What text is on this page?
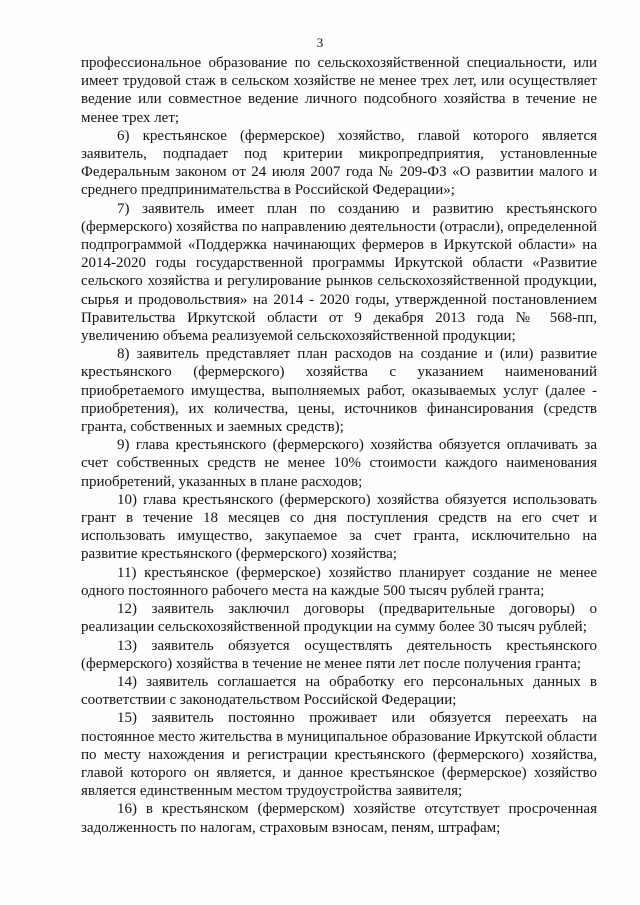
3

профессиональное образование по сельскохозяйственной специальности, или имеет трудовой стаж в сельском хозяйстве не менее трех лет, или осуществляет ведение или совместное ведение личного подсобного хозяйства в течение не менее трех лет;

6) крестьянское (фермерское) хозяйство, главой которого является заявитель, подпадает под критерии микропредприятия, установленные Федеральным законом от 24 июля 2007 года № 209-ФЗ «О развитии малого и среднего предпринимательства в Российской Федерации»;

7) заявитель имеет план по созданию и развитию крестьянского (фермерского) хозяйства по направлению деятельности (отрасли), определенной подпрограммой «Поддержка начинающих фермеров в Иркутской области» на 2014-2020 годы государственной программы Иркутской области «Развитие сельского хозяйства и регулирование рынков сельскохозяйственной продукции, сырья и продовольствия» на 2014 - 2020 годы, утвержденной постановлением Правительства Иркутской области от 9 декабря 2013 года № 568-пп, увеличению объема реализуемой сельскохозяйственной продукции;

8) заявитель представляет план расходов на создание и (или) развитие крестьянского (фермерского) хозяйства с указанием наименований приобретаемого имущества, выполняемых работ, оказываемых услуг (далее - приобретения), их количества, цены, источников финансирования (средств гранта, собственных и заемных средств);

9) глава крестьянского (фермерского) хозяйства обязуется оплачивать за счет собственных средств не менее 10% стоимости каждого наименования приобретений, указанных в плане расходов;

10) глава крестьянского (фермерского) хозяйства обязуется использовать грант в течение 18 месяцев со дня поступления средств на его счет и использовать имущество, закупаемое за счет гранта, исключительно на развитие крестьянского (фермерского) хозяйства;

11) крестьянское (фермерское) хозяйство планирует создание не менее одного постоянного рабочего места на каждые 500 тысяч рублей гранта;

12) заявитель заключил договоры (предварительные договоры) о реализации сельскохозяйственной продукции на сумму более 30 тысяч рублей;

13) заявитель обязуется осуществлять деятельность крестьянского (фермерского) хозяйства в течение не менее пяти лет после получения гранта;

14) заявитель соглашается на обработку его персональных данных в соответствии с законодательством Российской Федерации;

15) заявитель постоянно проживает или обязуется переехать на постоянное место жительства в муниципальное образование Иркутской области по месту нахождения и регистрации крестьянского (фермерского) хозяйства, главой которого он является, и данное крестьянское (фермерское) хозяйство является единственным местом трудоустройства заявителя;

16) в крестьянском (фермерском) хозяйстве отсутствует просроченная задолженность по налогам, страховым взносам, пеням, штрафам;
